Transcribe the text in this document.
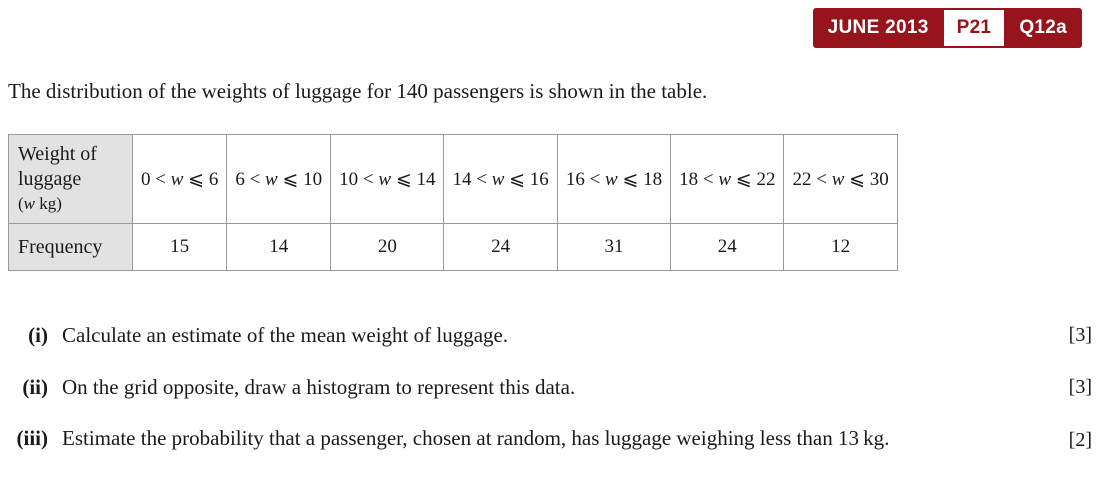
JUNE 2013	P21	Q12a
The distribution of the weights of luggage for 140 passengers is shown in the table.
Weight of
luggage
(w kg)	0 < w ⩽ 6	6 < w ⩽ 10	10 < w ⩽ 14	14 < w ⩽ 16	16 < w ⩽ 18	18 < w ⩽ 22	22 < w ⩽ 30
Frequency	15	14	20	24	31	24	12
(i) Calculate an estimate of the mean weight of luggage.	[3]
(ii) On the grid opposite, draw a histogram to represent this data.	[3]
(iii) Estimate the probability that a passenger, chosen at random, has luggage weighing less than 13 kg.	[2]
